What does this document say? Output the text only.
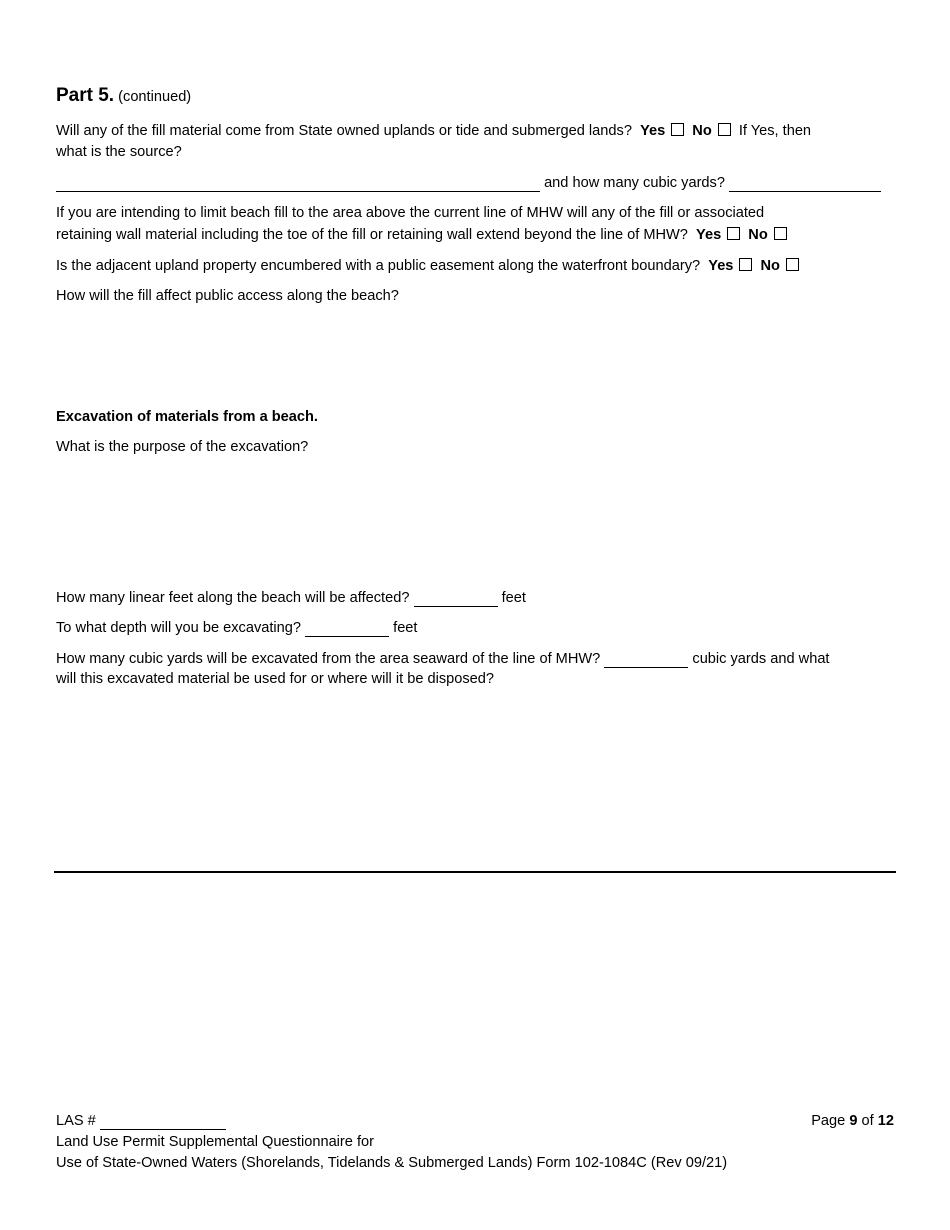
Part 5. (continued)
Will any of the fill material come from State owned uplands or tide and submerged lands? Yes No If Yes, then
what is the source?
and how many cubic yards?
If you are intending to limit beach fill to the area above the current line of MHW will any of the fill or associated
retaining wall material including the toe of the fill or retaining wall extend beyond the line of MHW? Yes No
Is the adjacent upland property encumbered with a public easement along the waterfront boundary? Yes No
How will the fill affect public access along the beach?
Excavation of materials from a beach.
What is the purpose of the excavation?
How many linear feet along the beach will be affected?	feet
To what depth will you be excavating?	feet
How many cubic yards will be excavated from the area seaward of the line of MHW?	cubic yards and what
will this excavated material be used for or where will it be disposed?
LAS #	Page 9 of 12
Land Use Permit Supplemental Questionnaire for
Use of State-Owned Waters (Shorelands, Tidelands & Submerged Lands) Form 102-1084C (Rev 09/21)
